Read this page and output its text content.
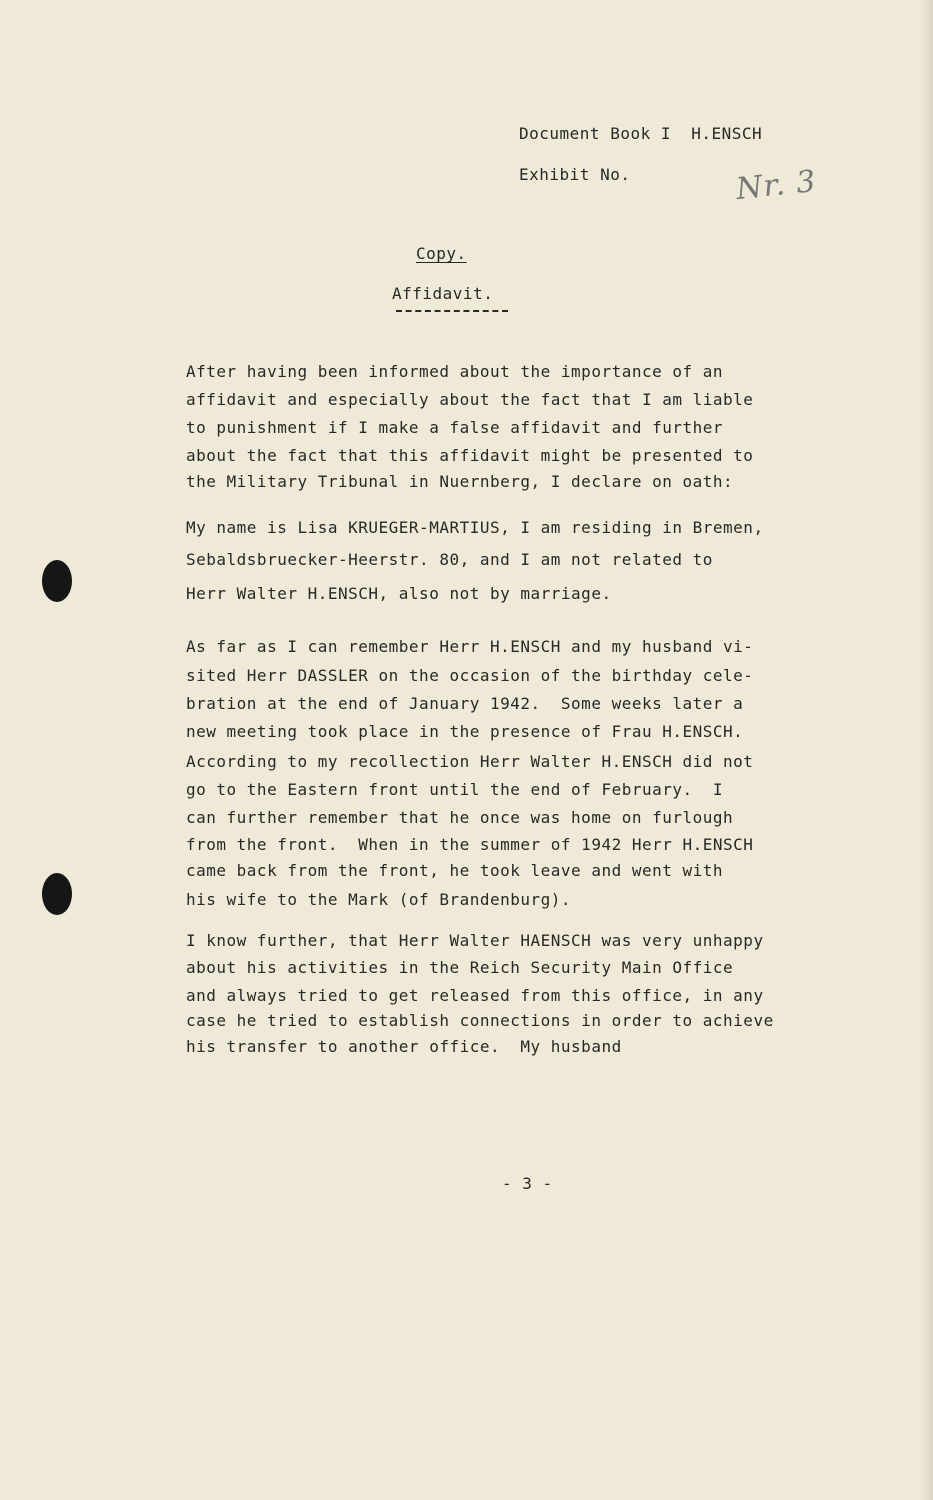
Document Book I  H.ENSCH

Exhibit No.	Nr. 3

Copy.

Affidavit.

After having been informed about the importance of an

affidavit and especially about the fact that I am liable

to punishment if I make a false affidavit and further

about the fact that this affidavit might be presented to

the Military Tribunal in Nuernberg, I declare on oath:

My name is Lisa KRUEGER-MARTIUS, I am residing in Bremen,

Sebaldsbruecker-Heerstr. 80, and I am not related to

Herr Walter H.ENSCH, also not by marriage.

As far as I can remember Herr H.ENSCH and my husband vi-

sited Herr DASSLER on the occasion of the birthday cele-

bration at the end of January 1942.  Some weeks later a

new meeting took place in the presence of Frau H.ENSCH.

According to my recollection Herr Walter H.ENSCH did not

go to the Eastern front until the end of February.  I

can further remember that he once was home on furlough

from the front.  When in the summer of 1942 Herr H.ENSCH

came back from the front, he took leave and went with

his wife to the Mark (of Brandenburg).

I know further, that Herr Walter HAENSCH was very unhappy

about his activities in the Reich Security Main Office

and always tried to get released from this office, in any

case he tried to establish connections in order to achieve

his transfer to another office.  My husband

- 3 -
